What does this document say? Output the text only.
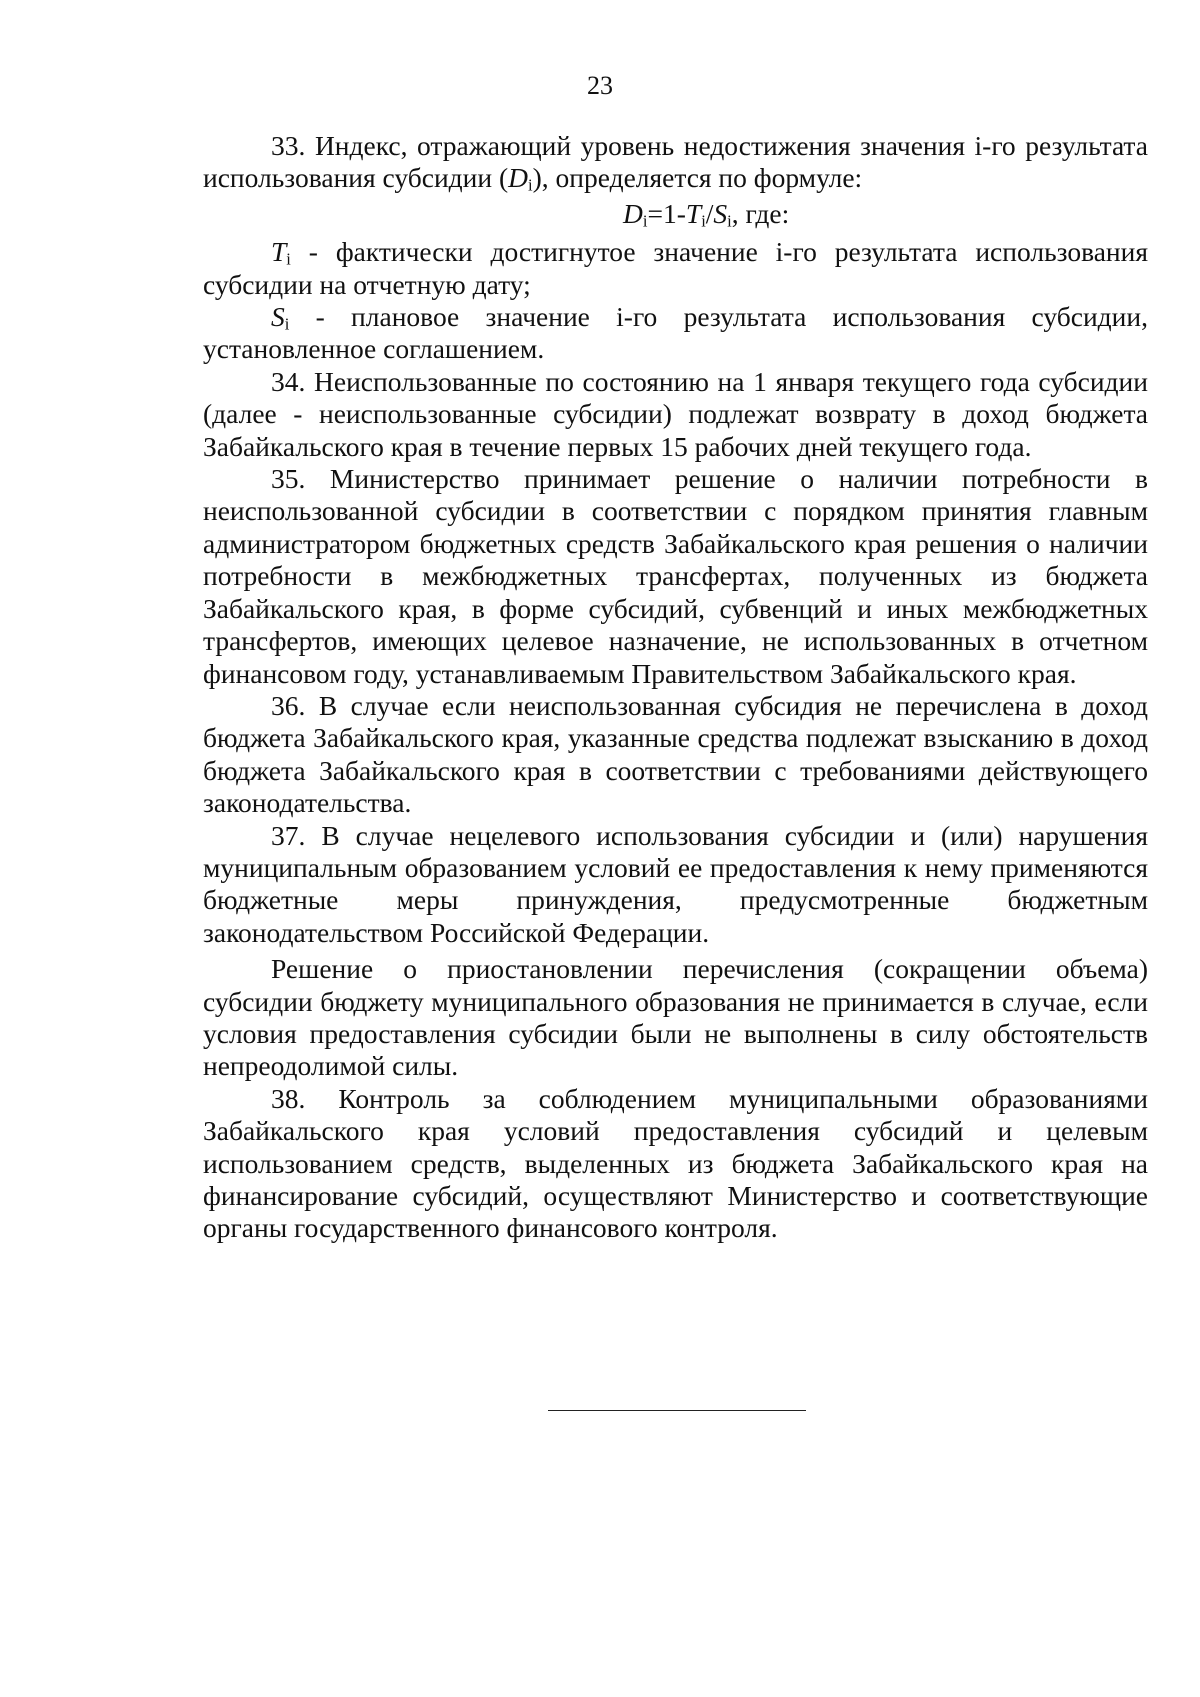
23

33. Индекс, отражающий уровень недостижения значения i-го результата использования субсидии $(D_i)$, определяется по формуле:

$D_i=1-T_i/S_i$, где:

$T_i$ - фактически достигнутое значение i-го результата использования субсидии на отчетную дату;

$S_i$ - плановое значение i-го результата использования субсидии, установленное соглашением.

34. Неиспользованные по состоянию на 1 января текущего года субсидии (далее - неиспользованные субсидии) подлежат возврату в доход бюджета Забайкальского края в течение первых 15 рабочих дней текущего года.

35. Министерство принимает решение о наличии потребности в неиспользованной субсидии в соответствии с порядком принятия главным администратором бюджетных средств Забайкальского края решения о наличии потребности в межбюджетных трансфертах, полученных из бюджета Забайкальского края, в форме субсидий, субвенций и иных межбюджетных трансфертов, имеющих целевое назначение, не использованных в отчетном финансовом году, устанавливаемым Правительством Забайкальского края.

36. В случае если неиспользованная субсидия не перечислена в доход бюджета Забайкальского края, указанные средства подлежат взысканию в доход бюджета Забайкальского края в соответствии с требованиями действующего законодательства.

37. В случае нецелевого использования субсидии и (или) нарушения муниципальным образованием условий ее предоставления к нему применяются бюджетные меры принуждения, предусмотренные бюджетным законодательством Российской Федерации.

Решение о приостановлении перечисления (сокращении объема) субсидии бюджету муниципального образования не принимается в случае, если условия предоставления субсидии были не выполнены в силу обстоятельств непреодолимой силы.

38. Контроль за соблюдением муниципальными образованиями Забайкальского края условий предоставления субсидий и целевым использованием средств, выделенных из бюджета Забайкальского края на финансирование субсидий, осуществляют Министерство и соответствующие органы государственного финансового контроля.
